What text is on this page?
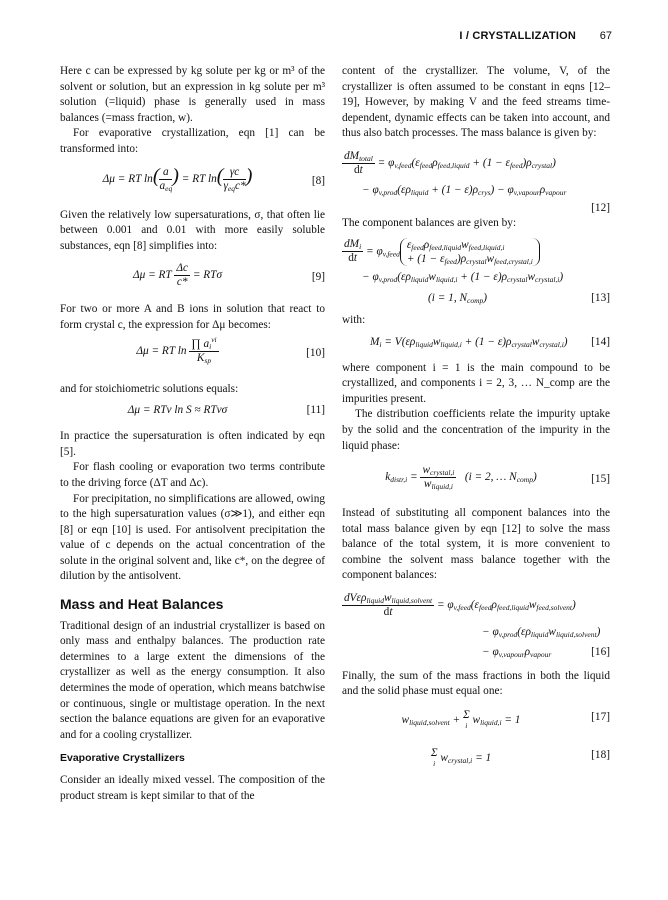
I / CRYSTALLIZATION 67

Here c can be expressed by kg solute per kg or m³ of the solvent or solution, but an expression in kg solute per m³ solution (=liquid) phase is generally used in mass balances (=mass fraction, w).

For evaporative crystallization, eqn [1] can be transformed into:

Δμ = RT $\ln( \frac{a}{a_{eq}}$ ) = RT $\ln( \frac{\gamma c}{\gamma_{eq}c*}$ )	[8]

Given the relatively low supersaturations, σ, that often lie between 0.001 and 0.01 with more easily soluble substances, eqn [8] simplifies into:

Δμ = RT $\frac{\Delta c}{c*} = RT\sigma$	[9]

For two or more A and B ions in solution that react to form crystal c, the expression for Δμ becomes:

Δμ = RT $\ln \frac{\prod a_i^{\nu i}}{K_{sp}}$	[10]

and for stoichiometric solutions equals:

Δμ = RTν ln S ≈ RTνσ	[11]

In practice the supersaturation is often indicated by eqn [5].

For flash cooling or evaporation two terms contribute to the driving force (ΔT and Δc).

For precipitation, no simplifications are allowed, owing to the high supersaturation values (σ≫1), and either eqn [8] or eqn [10] is used. For antisolvent precipitation the value of c depends on the actual concentration of the solute in the original solvent and, like c*, on the degree of dilution by the antisolvent.

Mass and Heat Balances

Traditional design of an industrial crystallizer is based on only mass and enthalpy balances. The production rate determines to a large extent the dimensions of the crystallizer as well as the energy consumption. It also determines the mode of operation, which means batchwise or continuous, single or multistage operation. In the next section the balance equations are given for an evaporative and for a cooling crystallizer.

Evaporative Crystallizers

Consider an ideally mixed vessel. The composition of the product stream is kept similar to that of the

content of the crystallizer. The volume, V, of the crystallizer is often assumed to be constant in eqns [12–19], However, by making V and the feed streams time-dependent, dynamic effects can be taken into account, and thus also batch processes. The mass balance is given by:

$\frac{dM_{total}}{dt} = \varphi_{v,feed}(\varepsilon_{feed}\rho_{feed,liquid} + (1 - \varepsilon_{feed})\rho_{crystal})$
− $\varphi_{v,prod}(\varepsilon\rho_{liquid} + (1 - \varepsilon)\rho_{crys}) - \varphi_{v,vapour}\rho_{vapour}$
[12]

The component balances are given by:

$\frac{dM_i}{dt} = \varphi_{v,feed}\varepsilon_{feed}\rho_{feed,liquid}w_{feed,liquid,i}$
+ $(1 - \varepsilon_{feed})\rho_{crystal}w_{feed,crystal,i}$
− $\varphi_{v,prod}(\varepsilon\rho_{liquid}w_{liquid,i} + (1 - \varepsilon)\rho_{crystal}w_{crystal,i})$
(i = 1, $N_{comp}$)	[13]

with:

$M_i = V(\varepsilon\rho_{liquid}w_{liquid,i} + (1 - \varepsilon)\rho_{crystal}w_{crystal,i})$	[14]

where component i = 1 is the main compound to be crystallized, and components i = 2, 3, … N_comp are the impurities present.

The distribution coefficients relate the impurity uptake by the solid and the concentration of the impurity in the liquid phase:

$k_{distr,i} = \frac{w_{crystal,i}}{w_{liquid,i}} (i = 2$, … $N_{comp}$)	[15]

Instead of substituting all component balances into the total mass balance given by eqn [12] to solve the mass balance of the total system, it is more convenient to combine the solvent mass balance together with the component balances:

$\frac{dV\varepsilon\rho_{liquid}w_{liquid,solvent}}{dt} = \varphi_{v,feed}(\varepsilon_{feed}\rho_{feed,liquid}w_{feed,solvent})$
− $\varphi_{v,prod}(\varepsilon\rho_{liquid}w_{liquid,solvent})$
− $\varphi_{v,vapour}\rho_{vapour}$	[16]

Finally, the sum of the mass fractions in both the liquid and the solid phase must equal one:

$w_{liquid,solvent} + \Sigma$
i $w_{liquid,i} = 1$	[17]
Σ
i $w_{crystal,i} = 1$	[18]
